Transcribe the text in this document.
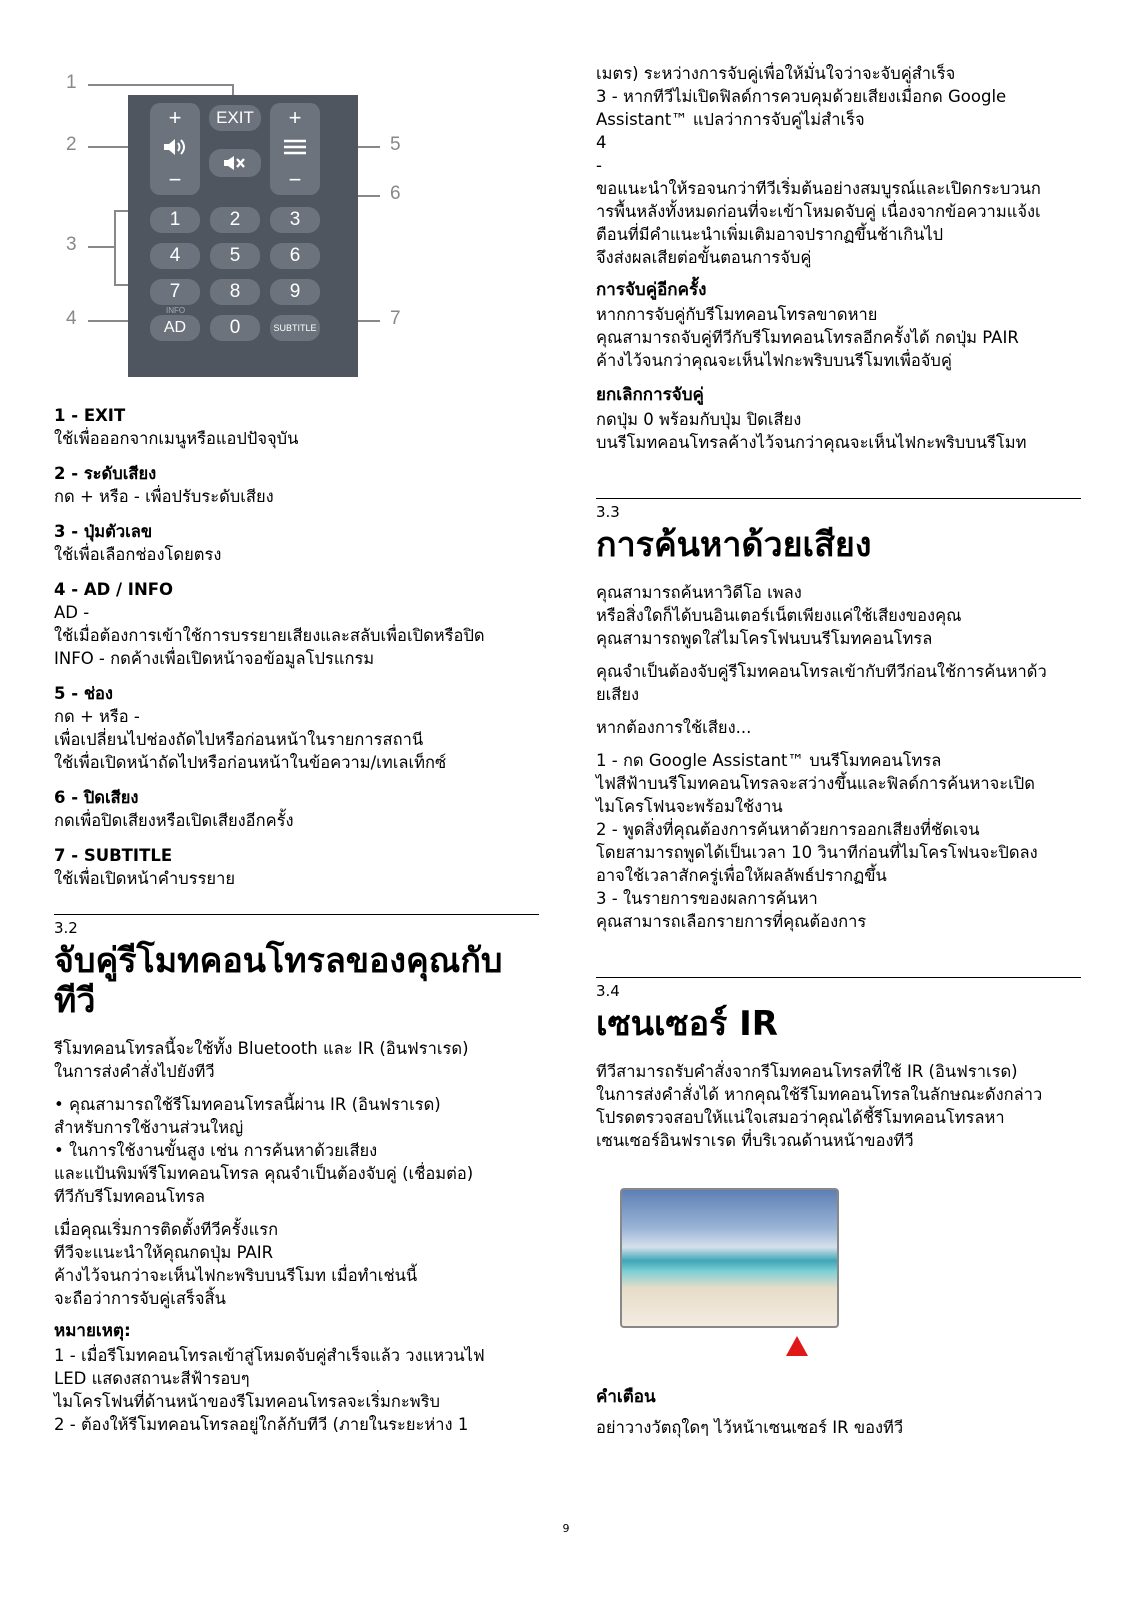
1
2
3
4
5
6
7
+
−
EXIT	+
−
1	2	3
4	5	6
7	8	9
INFO
AD	0	SUBTITLE
1 - EXIT
ใช้เพื่อออกจากเมนูหรือแอปปัจจุบัน
2 - ระดับเสียง
กด + หรือ - เพื่อปรับระดับเสียง
3 - ปุ่มตัวเลข
ใช้เพื่อเลือกช่องโดยตรง
4 - AD / INFO
AD -
ใช้เมื่อต้องการเข้าใช้การบรรยายเสียงและสลับเพื่อเปิดหรือปิด
INFO - กดค้างเพื่อเปิดหน้าจอข้อมูลโปรแกรม
5 - ช่อง
กด + หรือ -
เพื่อเปลี่ยนไปช่องถัดไปหรือก่อนหน้าในรายการสถานี
ใช้เพื่อเปิดหน้าถัดไปหรือก่อนหน้าในข้อความ/เทเลเท็กซ์
6 - ปิดเสียง
กดเพื่อปิดเสียงหรือเปิดเสียงอีกครั้ง
7 - SUBTITLE
ใช้เพื่อเปิดหน้าคำบรรยาย
3.2
จับคู่รีโมทคอนโทรลของคุณกับทีวี
รีโมทคอนโทรลนี้จะใช้ทั้ง Bluetooth และ IR (อินฟราเรด)
ในการส่งคำสั่งไปยังทีวี
• คุณสามารถใช้รีโมทคอนโทรลนี้ผ่าน IR (อินฟราเรด)
สำหรับการใช้งานส่วนใหญ่
• ในการใช้งานขั้นสูง เช่น การค้นหาด้วยเสียง
และแป้นพิมพ์รีโมทคอนโทรล คุณจำเป็นต้องจับคู่ (เชื่อมต่อ)
ทีวีกับรีโมทคอนโทรล
เมื่อคุณเริ่มการติดตั้งทีวีครั้งแรก
ทีวีจะแนะนำให้คุณกดปุ่ม PAIR
ค้างไว้จนกว่าจะเห็นไฟกะพริบบนรีโมท เมื่อทำเช่นนี้
จะถือว่าการจับคู่เสร็จสิ้น
หมายเหตุ:
1 - เมื่อรีโมทคอนโทรลเข้าสู่โหมดจับคู่สำเร็จแล้ว วงแหวนไฟ
LED แสดงสถานะสีฟ้ารอบๆ
ไมโครโฟนที่ด้านหน้าของรีโมทคอนโทรลจะเริ่มกะพริบ
2 - ต้องให้รีโมทคอนโทรลอยู่ใกล้กับทีวี (ภายในระยะห่าง 1
เมตร) ระหว่างการจับคู่เพื่อให้มั่นใจว่าจะจับคู่สำเร็จ
3 - หากทีวีไม่เปิดฟิลด์การควบคุมด้วยเสียงเมื่อกด Google
Assistant™ แปลว่าการจับคู่ไม่สำเร็จ
4
-
ขอแนะนำให้รอจนกว่าทีวีเริ่มต้นอย่างสมบูรณ์และเปิดกระบวนก
ารพื้นหลังทั้งหมดก่อนที่จะเข้าโหมดจับคู่ เนื่องจากข้อความแจ้งเ
ตือนที่มีคำแนะนำเพิ่มเติมอาจปรากฏขึ้นช้าเกินไป
จึงส่งผลเสียต่อขั้นตอนการจับคู่
การจับคู่อีกครั้ง
หากการจับคู่กับรีโมทคอนโทรลขาดหาย
คุณสามารถจับคู่ทีวีกับรีโมทคอนโทรลอีกครั้งได้ กดปุ่ม PAIR
ค้างไว้จนกว่าคุณจะเห็นไฟกะพริบบนรีโมทเพื่อจับคู่
ยกเลิกการจับคู่
กดปุ่ม 0 พร้อมกับปุ่ม ปิดเสียง
บนรีโมทคอนโทรลค้างไว้จนกว่าคุณจะเห็นไฟกะพริบบนรีโมท
3.3
การค้นหาด้วยเสียง
คุณสามารถค้นหาวิดีโอ เพลง
หรือสิ่งใดก็ได้บนอินเตอร์เน็ตเพียงแค่ใช้เสียงของคุณ
คุณสามารถพูดใส่ไมโครโฟนบนรีโมทคอนโทรล
คุณจำเป็นต้องจับคู่รีโมทคอนโทรลเข้ากับทีวีก่อนใช้การค้นหาด้ว
ยเสียง
หากต้องการใช้เสียง...
1 - กด Google Assistant™ บนรีโมทคอนโทรล
ไฟสีฟ้าบนรีโมทคอนโทรลจะสว่างขึ้นและฟิลด์การค้นหาจะเปิด
ไมโครโฟนจะพร้อมใช้งาน
2 - พูดสิ่งที่คุณต้องการค้นหาด้วยการออกเสียงที่ชัดเจน
โดยสามารถพูดได้เป็นเวลา 10 วินาทีก่อนที่ไมโครโฟนจะปิดลง
อาจใช้เวลาสักครู่เพื่อให้ผลลัพธ์ปรากฏขึ้น
3 - ในรายการของผลการค้นหา
คุณสามารถเลือกรายการที่คุณต้องการ
3.4
เซนเซอร์ IR
ทีวีสามารถรับคำสั่งจากรีโมทคอนโทรลที่ใช้ IR (อินฟราเรด)
ในการส่งคำสั่งได้ หากคุณใช้รีโมทคอนโทรลในลักษณะดังกล่าว
โปรดตรวจสอบให้แน่ใจเสมอว่าคุณได้ชี้รีโมทคอนโทรลหา
เซนเซอร์อินฟราเรด ที่บริเวณด้านหน้าของทีวี
คำเตือน
อย่าวางวัตถุใดๆ ไว้หน้าเซนเซอร์ IR ของทีวี
9
